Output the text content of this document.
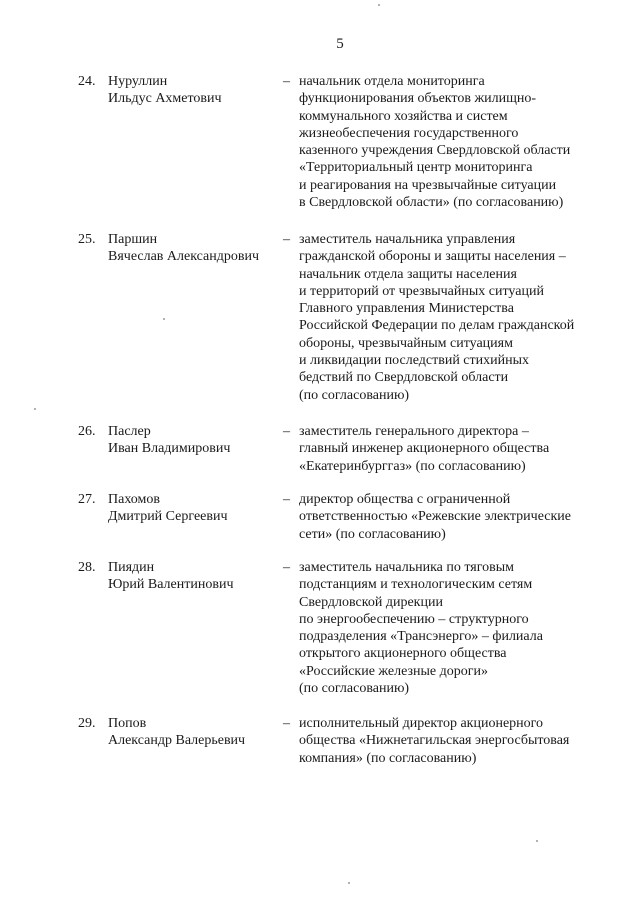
5
24. Нуруллин
Ильдус Ахметович
– начальник отдела мониторинга
функционирования объектов жилищно-
коммунального хозяйства и систем
жизнеобеспечения государственного
казенного учреждения Свердловской области
«Территориальный центр мониторинга
и реагирования на чрезвычайные ситуации
в Свердловской области» (по согласованию)
25. Паршин
Вячеслав Александрович
– заместитель начальника управления
гражданской обороны и защиты населения –
начальник отдела защиты населения
и территорий от чрезвычайных ситуаций
Главного управления Министерства
Российской Федерации по делам гражданской
обороны, чрезвычайным ситуациям
и ликвидации последствий стихийных
бедствий по Свердловской области
(по согласованию)
26. Паслер
Иван Владимирович
– заместитель генерального директора –
главный инженер акционерного общества
«Екатеринбурггаз» (по согласованию)
27. Пахомов
Дмитрий Сергеевич
– директор общества с ограниченной
ответственностью «Режевские электрические
сети» (по согласованию)
28. Пиядин
Юрий Валентинович
– заместитель начальника по тяговым
подстанциям и технологическим сетям
Свердловской дирекции
по энергообеспечению – структурного
подразделения «Трансэнерго» – филиала
открытого акционерного общества
«Российские железные дороги»
(по согласованию)
29. Попов
Александр Валерьевич
– исполнительный директор акционерного
общества «Нижнетагильская энергосбытовая
компания» (по согласованию)
